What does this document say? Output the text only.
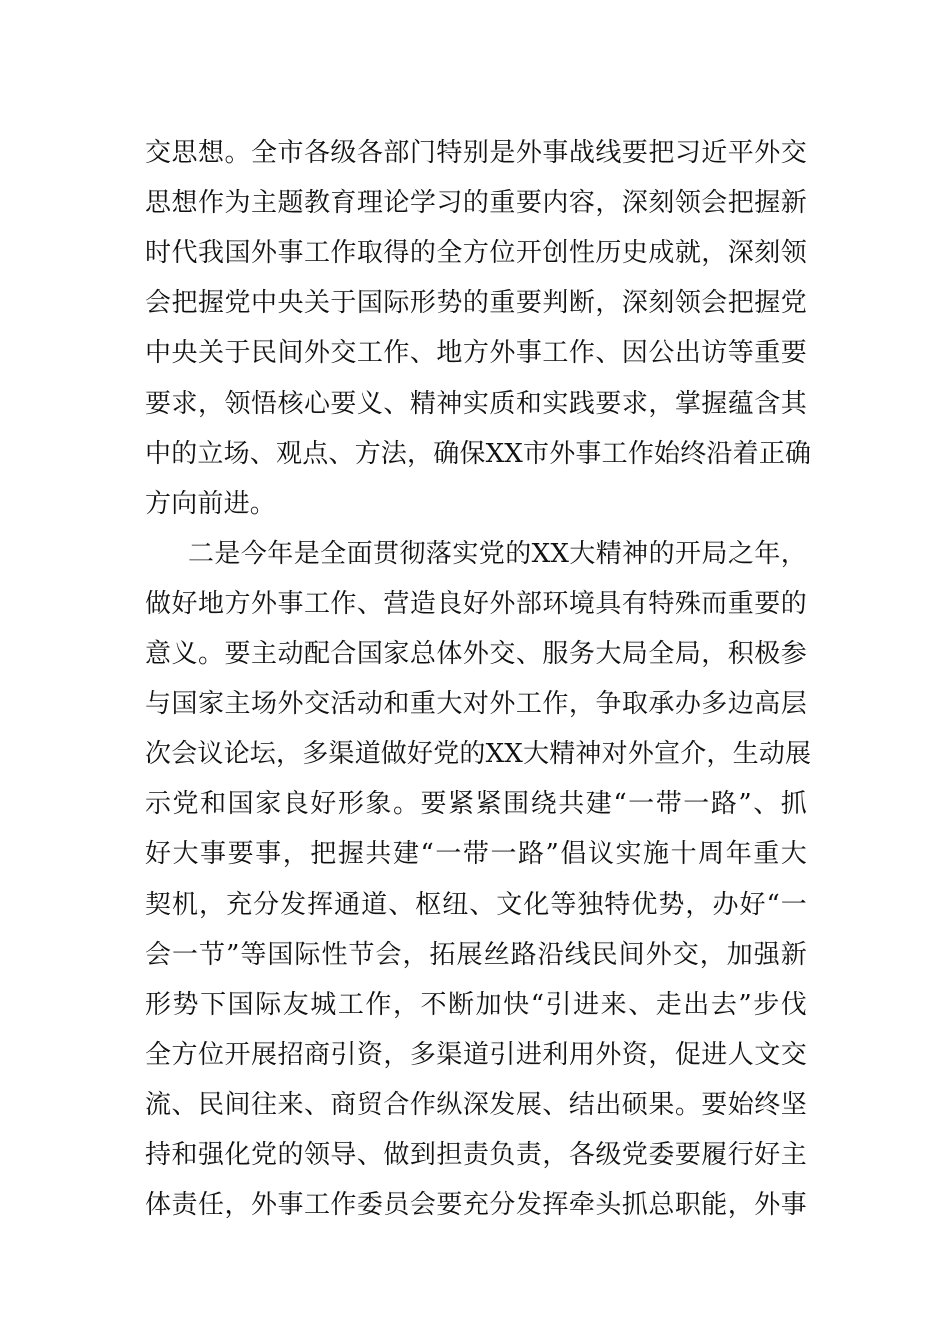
交思想。全市各级各部门特别是外事战线要把习近平外交
思想作为主题教育理论学习的重要内容，深刻领会把握新
时代我国外事工作取得的全方位开创性历史成就，深刻领
会把握党中央关于国际形势的重要判断，深刻领会把握党
中央关于民间外交工作、地方外事工作、因公出访等重要
要求，领悟核心要义、精神实质和实践要求，掌握蕴含其
中的立场、观点、方法，确保XX市外事工作始终沿着正确
方向前进。
二是今年是全面贯彻落实党的XX大精神的开局之年，
做好地方外事工作、营造良好外部环境具有特殊而重要的
意义。要主动配合国家总体外交、服务大局全局，积极参
与国家主场外交活动和重大对外工作，争取承办多边高层
次会议论坛，多渠道做好党的XX大精神对外宣介，生动展
示党和国家良好形象。要紧紧围绕共建“一带一路”、抓
好大事要事，把握共建“一带一路”倡议实施十周年重大
契机，充分发挥通道、枢纽、文化等独特优势，办好“一
会一节”等国际性节会，拓展丝路沿线民间外交，加强新
形势下国际友城工作，不断加快“引进来、走出去”步伐
全方位开展招商引资，多渠道引进利用外资，促进人文交
流、民间往来、商贸合作纵深发展、结出硕果。要始终坚
持和强化党的领导、做到担责负责，各级党委要履行好主
体责任，外事工作委员会要充分发挥牵头抓总职能，外事
